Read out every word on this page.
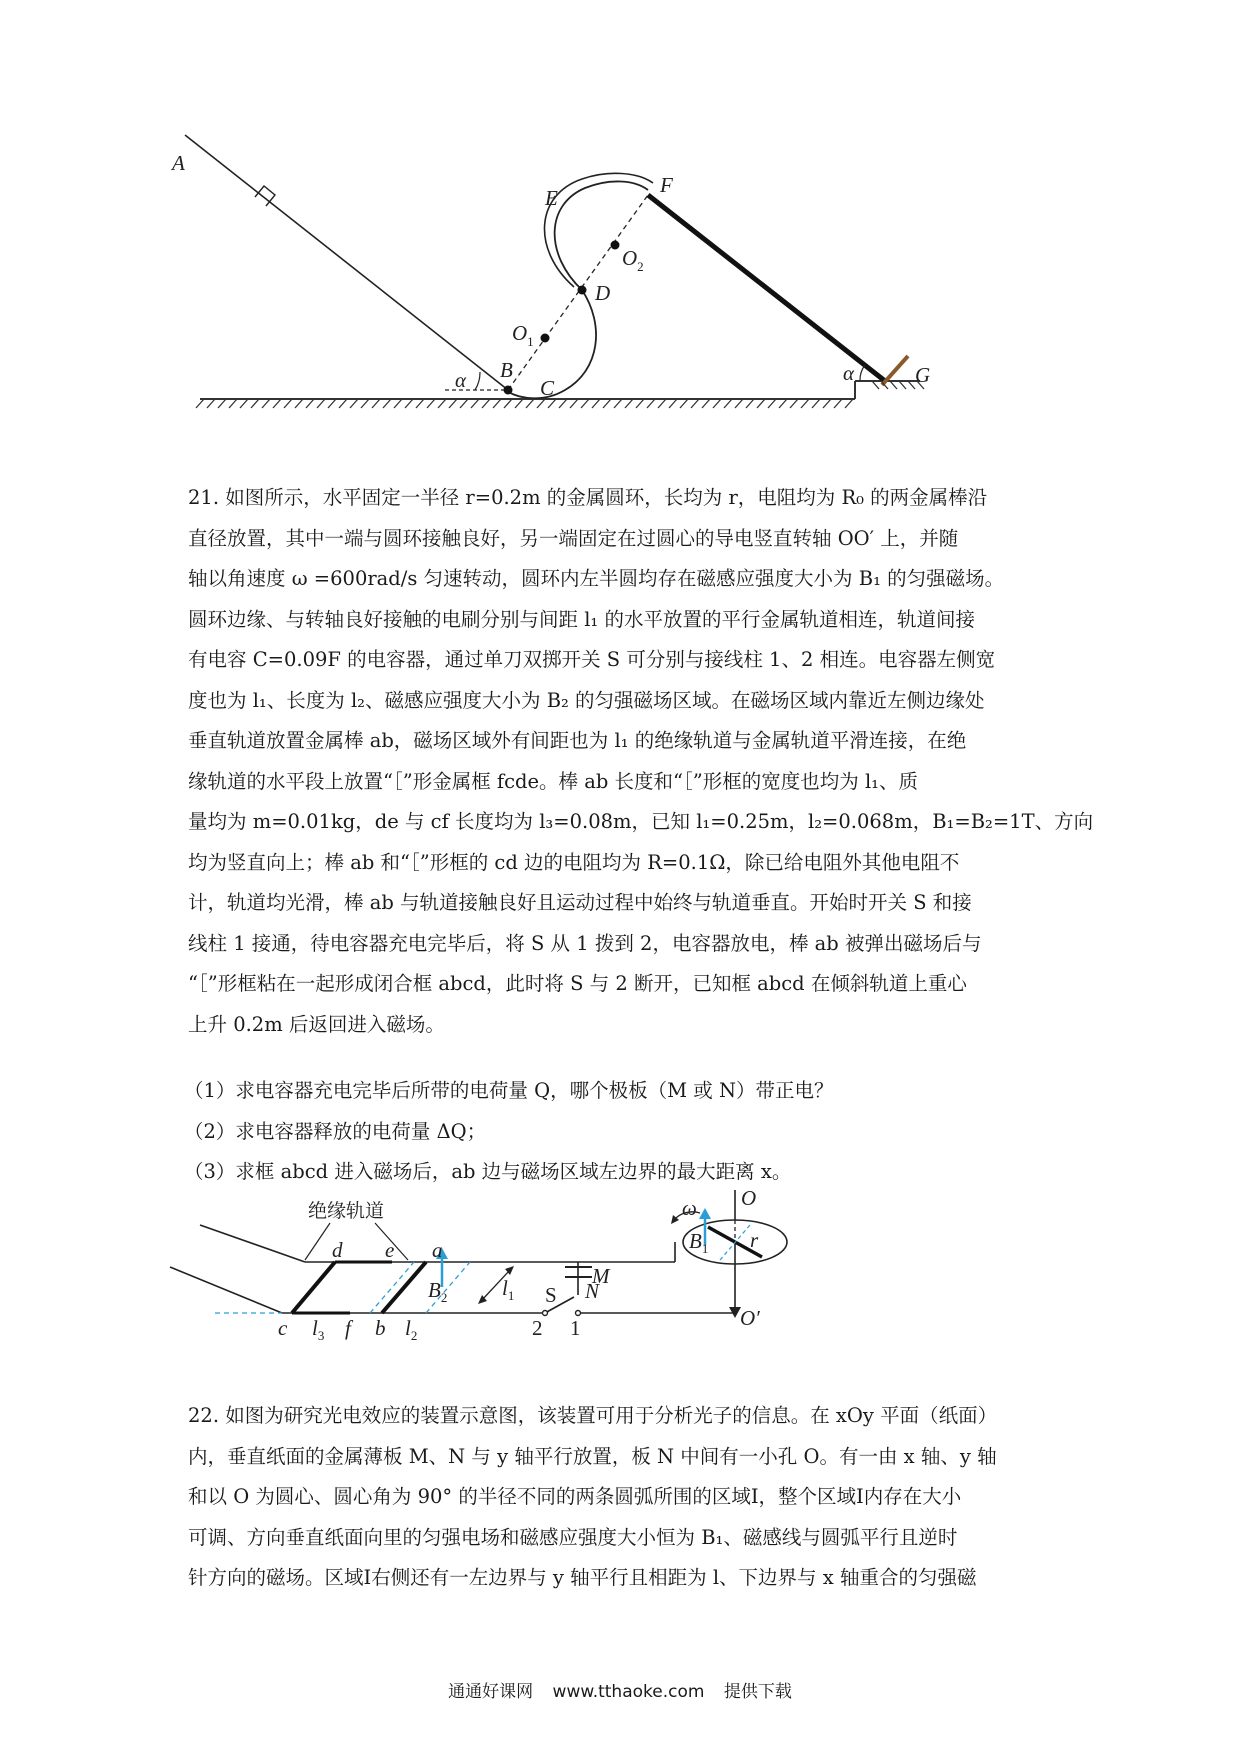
A
B
C
D
E
F
G
α	α
$O_1$
$O_2$
21. 如图所示，水平固定一半径 r=0.2m 的金属圆环，长均为 r，电阻均为 R₀ 的两金属棒沿
直径放置，其中一端与圆环接触良好，另一端固定在过圆心的导电竖直转轴 OO′ 上，并随
轴以角速度 ω =600rad/s 匀速转动，圆环内左半圆均存在磁感应强度大小为 B₁ 的匀强磁场。
圆环边缘、与转轴良好接触的电刷分别与间距 l₁ 的水平放置的平行金属轨道相连，轨道间接
有电容 C=0.09F 的电容器，通过单刀双掷开关 S 可分别与接线柱 1、2 相连。电容器左侧宽
度也为 l₁、长度为 l₂、磁感应强度大小为 B₂ 的匀强磁场区域。在磁场区域内靠近左侧边缘处
垂直轨道放置金属棒 ab，磁场区域外有间距也为 l₁ 的绝缘轨道与金属轨道平滑连接，在绝
缘轨道的水平段上放置“［”形金属框 fcde。棒 ab 长度和“［”形框的宽度也均为 l₁、质
量均为 m=0.01kg，de 与 cf 长度均为 l₃=0.08m，已知 l₁=0.25m，l₂=0.068m，B₁=B₂=1T、方向
均为竖直向上；棒 ab 和“［”形框的 cd 边的电阻均为 R=0.1Ω，除已给电阻外其他电阻不
计，轨道均光滑，棒 ab 与轨道接触良好且运动过程中始终与轨道垂直。开始时开关 S 和接
线柱 1 接通，待电容器充电完毕后，将 S 从 1 拨到 2，电容器放电，棒 ab 被弹出磁场后与
“［”形框粘在一起形成闭合框 abcd，此时将 S 与 2 断开，已知框 abcd 在倾斜轨道上重心
上升 0.2m 后返回进入磁场。
（1）求电容器充电完毕后所带的电荷量 Q，哪个极板（M 或 N）带正电？
（2）求电容器释放的电荷量 ΔQ；
（3）求框 abcd 进入磁场后，ab 边与磁场区域左边界的最大距离 x。
绝缘轨道
d e a
c $l_3$ f b $l_2$
$l_1$
$B_2$
M
N
S
2 1
O
O′
ω
$B_1$ r
22. 如图为研究光电效应的装置示意图，该装置可用于分析光子的信息。在 xOy 平面（纸面）
内，垂直纸面的金属薄板 M、N 与 y 轴平行放置，板 N 中间有一小孔 O。有一由 x 轴、y 轴
和以 O 为圆心、圆心角为 90° 的半径不同的两条圆弧所围的区域Ⅰ，整个区域Ⅰ内存在大小
可调、方向垂直纸面向里的匀强电场和磁感应强度大小恒为 B₁、磁感线与圆弧平行且逆时
针方向的磁场。区域Ⅰ右侧还有一左边界与 y 轴平行且相距为 l、下边界与 x 轴重合的匀强磁
通通好课网 www.tthaoke.com 提供下载
